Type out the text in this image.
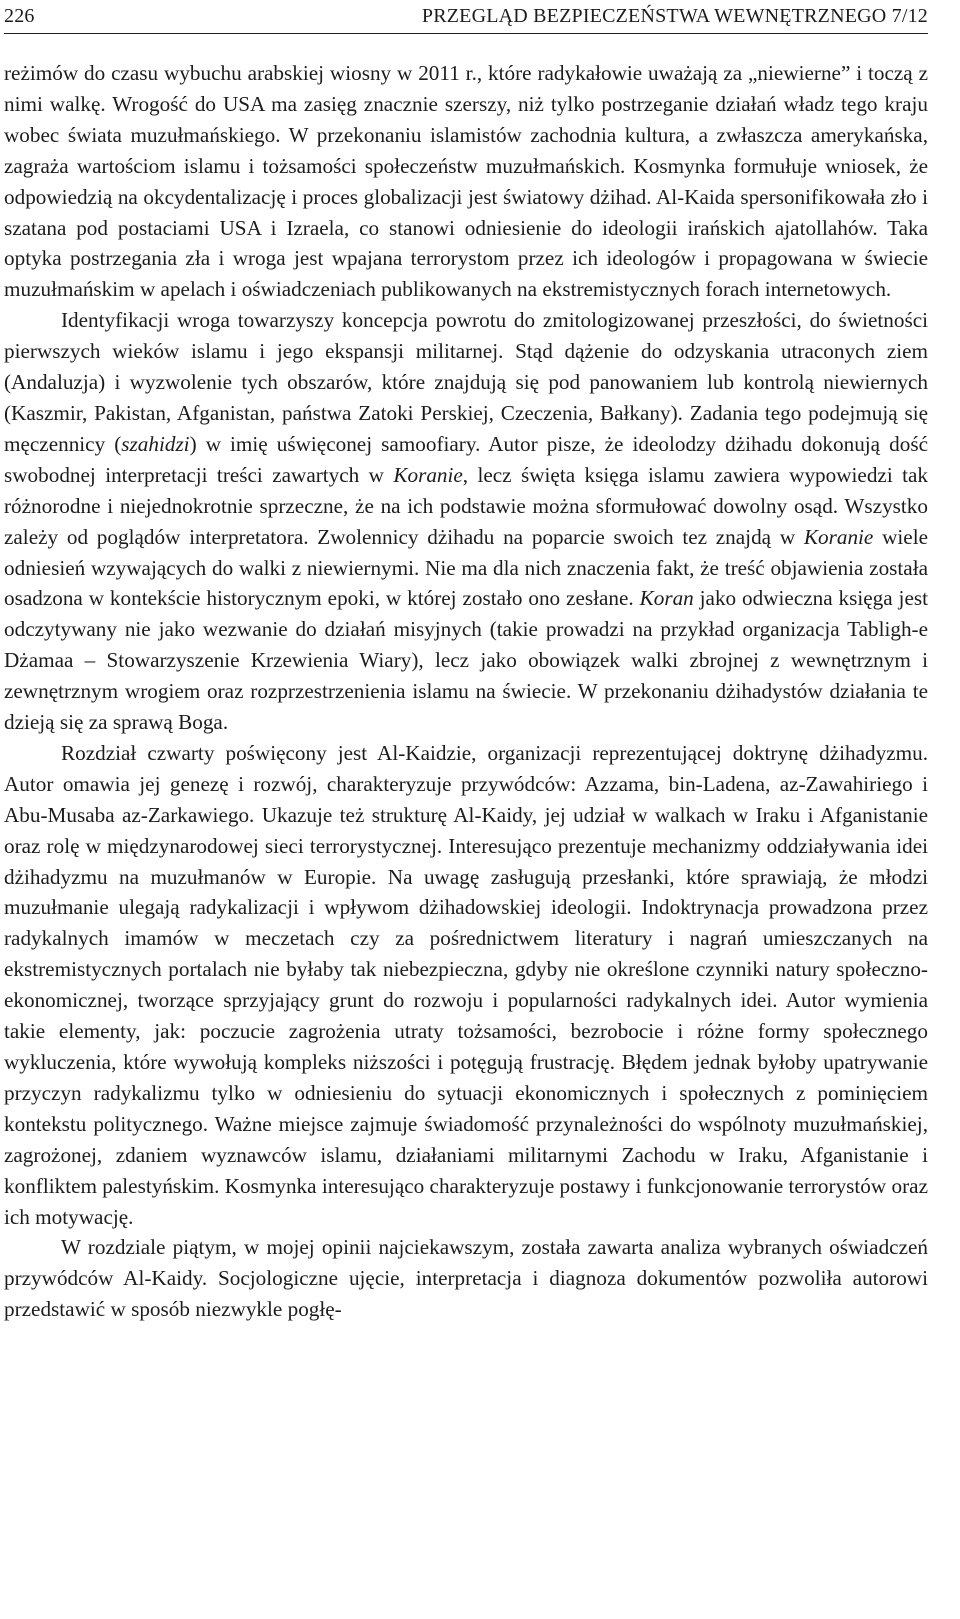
226	PRZEGLĄD BEZPIECZEŃSTWA WEWNĘTRZNEGO 7/12

reżimów do czasu wybuchu arabskiej wiosny w 2011 r., które radykałowie uważają za „niewierne” i toczą z nimi walkę. Wrogość do USA ma zasięg znacznie szerszy, niż tylko postrzeganie działań władz tego kraju wobec świata muzułmańskiego. W przekonaniu islamistów zachodnia kultura, a zwłaszcza amerykańska, zagraża wartościom islamu i tożsamości społeczeństw muzułmańskich. Kosmynka formułuje wniosek, że odpowiedzią na okcydentalizację i proces globalizacji jest światowy dżihad. Al-Kaida spersonifikowała zło i szatana pod postaciami USA i Izraela, co stanowi odniesienie do ideologii irańskich ajatollahów. Taka optyka postrzegania zła i wroga jest wpajana terrorystom przez ich ideologów i propagowana w świecie muzułmańskim w apelach i oświadczeniach publikowanych na ekstremistycznych forach internetowych.

Identyfikacji wroga towarzyszy koncepcja powrotu do zmitologizowanej przeszłości, do świetności pierwszych wieków islamu i jego ekspansji militarnej. Stąd dążenie do odzyskania utraconych ziem (Andaluzja) i wyzwolenie tych obszarów, które znajdują się pod panowaniem lub kontrolą niewiernych (Kaszmir, Pakistan, Afganistan, państwa Zatoki Perskiej, Czeczenia, Bałkany). Zadania tego podejmują się męczennicy (szahidzi) w imię uświęconej samoofiary. Autor pisze, że ideolodzy dżihadu dokonują dość swobodnej interpretacji treści zawartych w Koranie, lecz święta księga islamu zawiera wypowiedzi tak różnorodne i niejednokrotnie sprzeczne, że na ich podstawie można sformułować dowolny osąd. Wszystko zależy od poglądów interpretatora. Zwolennicy dżihadu na poparcie swoich tez znajdą w Koranie wiele odniesień wzywających do walki z niewiernymi. Nie ma dla nich znaczenia fakt, że treść objawienia została osadzona w kontekście historycznym epoki, w której zostało ono zesłane. Koran jako odwieczna księga jest odczytywany nie jako wezwanie do działań misyjnych (takie prowadzi na przykład organizacja Tabligh-e Dżamaa – Stowarzyszenie Krzewienia Wiary), lecz jako obowiązek walki zbrojnej z wewnętrznym i zewnętrznym wrogiem oraz rozprzestrzenienia islamu na świecie. W przekonaniu dżihadystów działania te dzieją się za sprawą Boga.

Rozdział czwarty poświęcony jest Al-Kaidzie, organizacji reprezentującej doktrynę dżihadyzmu. Autor omawia jej genezę i rozwój, charakteryzuje przywódców: Azzama, bin-Ladena, az-Zawahiriego i Abu-Musaba az-Zarkawiego. Ukazuje też strukturę Al-Kaidy, jej udział w walkach w Iraku i Afganistanie oraz rolę w międzynarodowej sieci terrorystycznej. Interesująco prezentuje mechanizmy oddziaływania idei dżihadyzmu na muzułmanów w Europie. Na uwagę zasługują przesłanki, które sprawiają, że młodzi muzułmanie ulegają radykalizacji i wpływom dżihadowskiej ideologii. Indoktrynacja prowadzona przez radykalnych imamów w meczetach czy za pośrednictwem literatury i nagrań umieszczanych na ekstremistycznych portalach nie byłaby tak niebezpieczna, gdyby nie określone czynniki natury społeczno-ekonomicznej, tworzące sprzyjający grunt do rozwoju i popularności radykalnych idei. Autor wymienia takie elementy, jak: poczucie zagrożenia utraty tożsamości, bezrobocie i różne formy społecznego wykluczenia, które wywołują kompleks niższości i potęgują frustrację. Błędem jednak byłoby upatrywanie przyczyn radykalizmu tylko w odniesieniu do sytuacji ekonomicznych i społecznych z pominięciem kontekstu politycznego. Ważne miejsce zajmuje świadomość przynależności do wspólnoty muzułmańskiej, zagrożonej, zdaniem wyznawców islamu, działaniami militarnymi Zachodu w Iraku, Afganistanie i konfliktem palestyńskim. Kosmynka interesująco charakteryzuje postawy i funkcjonowanie terrorystów oraz ich motywację.

W rozdziale piątym, w mojej opinii najciekawszym, została zawarta analiza wybranych oświadczeń przywódców Al-Kaidy. Socjologiczne ujęcie, interpretacja i diagnoza dokumentów pozwoliła autorowi przedstawić w sposób niezwykle pogłę-
